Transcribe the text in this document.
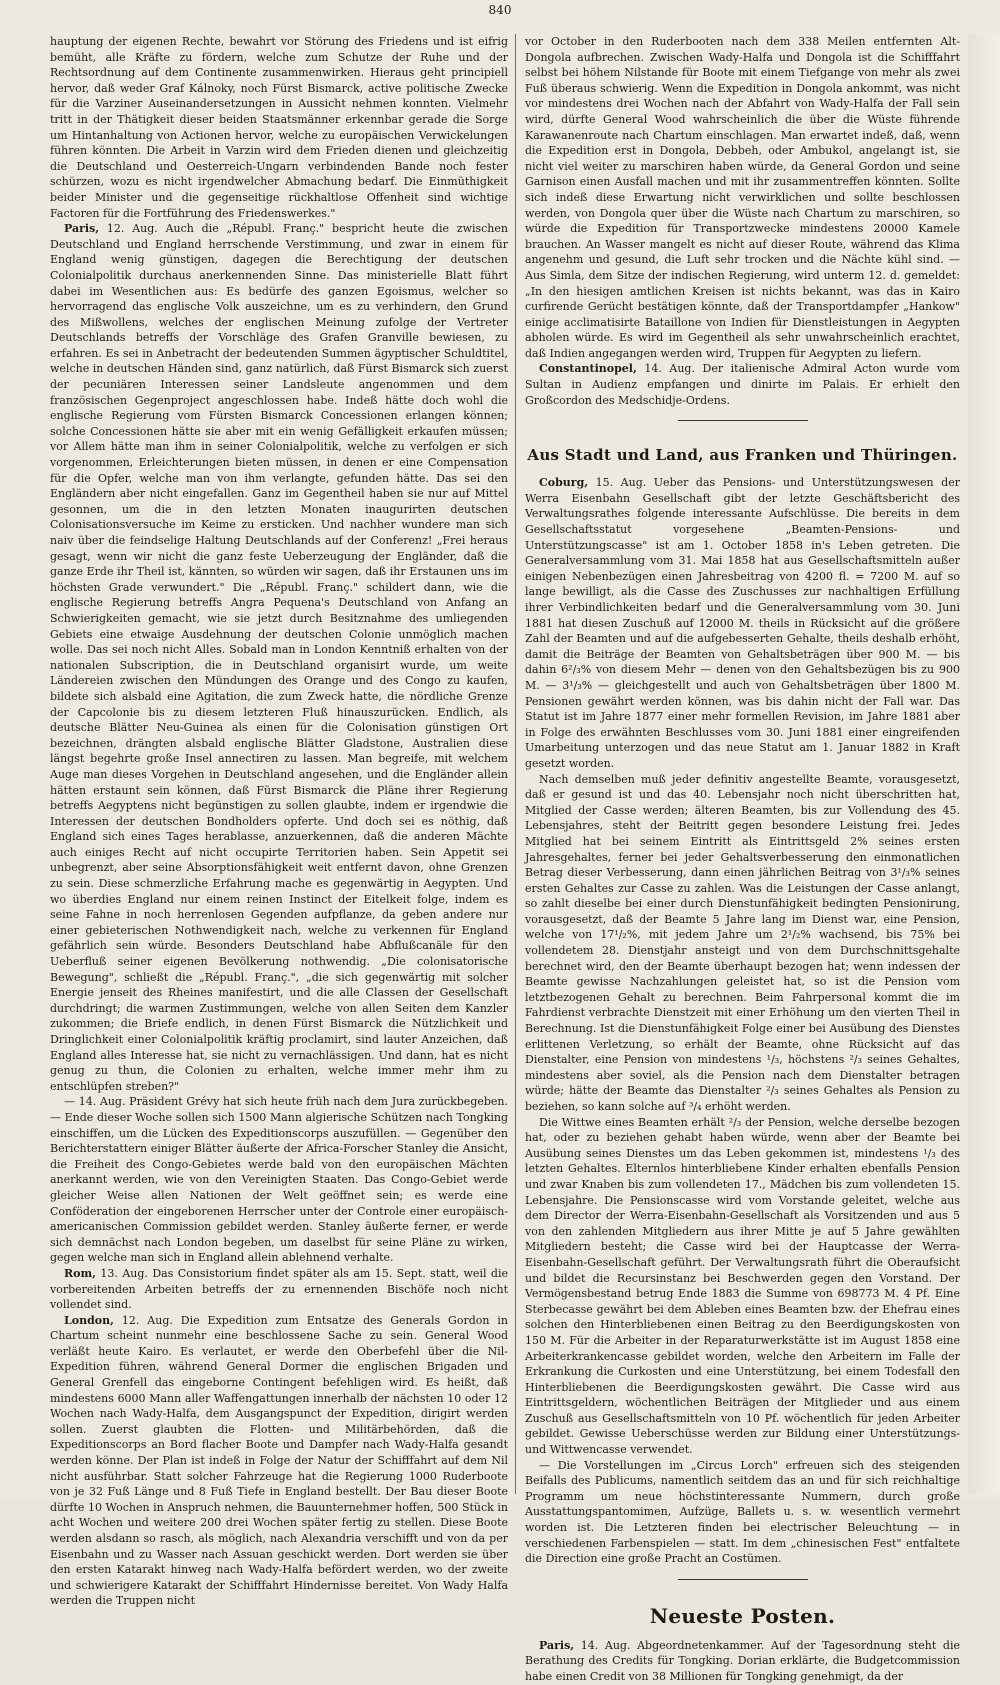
840

hauptung der eigenen Rechte, bewahrt vor Störung des Friedens und ist eifrig bemüht, alle Kräfte zu fördern, welche zum Schutze der Ruhe und der Rechtsordnung auf dem Continente zusammenwirken. Hieraus geht principiell hervor, daß weder Graf Kálnoky, noch Fürst Bismarck, active politische Zwecke für die Varziner Auseinandersetzungen in Aussicht nehmen konnten. Vielmehr tritt in der Thätigkeit dieser beiden Staatsmänner erkennbar gerade die Sorge um Hintanhaltung von Actionen hervor, welche zu europäischen Verwickelungen führen könnten. Die Arbeit in Varzin wird dem Frieden dienen und gleichzeitig die Deutschland und Oesterreich-Ungarn verbindenden Bande noch fester schürzen, wozu es nicht irgendwelcher Abmachung bedarf. Die Einmüthigkeit beider Minister und die gegenseitige rückhaltlose Offenheit sind wichtige Factoren für die Fortführung des Friedenswerkes."

Paris, 12. Aug. Auch die „Républ. Franç." bespricht heute die zwischen Deutschland und England herrschende Verstimmung, und zwar in einem für England wenig günstigen, dagegen die Berechtigung der deutschen Colonialpolitik durchaus anerkennenden Sinne. Das ministerielle Blatt führt dabei im Wesentlichen aus: Es bedürfe des ganzen Egoismus, welcher so hervorragend das englische Volk auszeichne, um es zu verhindern, den Grund des Mißwollens, welches der englischen Meinung zufolge der Vertreter Deutschlands betreffs der Vorschläge des Grafen Granville bewiesen, zu erfahren. Es sei in Anbetracht der bedeutenden Summen ägyptischer Schuldtitel, welche in deutschen Händen sind, ganz natürlich, daß Fürst Bismarck sich zuerst der pecuniären Interessen seiner Landsleute angenommen und dem französischen Gegenproject angeschlossen habe. Indeß hätte doch wohl die englische Regierung vom Fürsten Bismarck Concessionen erlangen können; solche Concessionen hätte sie aber mit ein wenig Gefälligkeit erkaufen müssen; vor Allem hätte man ihm in seiner Colonialpolitik, welche zu verfolgen er sich vorgenommen, Erleichterungen bieten müssen, in denen er eine Compensation für die Opfer, welche man von ihm verlangte, gefunden hätte. Das sei den Engländern aber nicht eingefallen. Ganz im Gegentheil haben sie nur auf Mittel gesonnen, um die in den letzten Monaten inaugurirten deutschen Colonisationsversuche im Keime zu ersticken. Und nachher wundere man sich naiv über die feindselige Haltung Deutschlands auf der Conferenz! „Frei heraus gesagt, wenn wir nicht die ganz feste Ueberzeugung der Engländer, daß die ganze Erde ihr Theil ist, kännten, so würden wir sagen, daß ihr Erstaunen uns im höchsten Grade verwundert." Die „Républ. Franç." schildert dann, wie die englische Regierung betreffs Angra Pequena's Deutschland von Anfang an Schwierigkeiten gemacht, wie sie jetzt durch Besitznahme des umliegenden Gebiets eine etwaige Ausdehnung der deutschen Colonie unmöglich machen wolle. Das sei noch nicht Alles. Sobald man in London Kenntniß erhalten von der nationalen Subscription, die in Deutschland organisirt wurde, um weite Ländereien zwischen den Mündungen des Orange und des Congo zu kaufen, bildete sich alsbald eine Agitation, die zum Zweck hatte, die nördliche Grenze der Capcolonie bis zu diesem letzteren Fluß hinauszurücken. Endlich, als deutsche Blätter Neu-Guinea als einen für die Colonisation günstigen Ort bezeichnen, drängten alsbald englische Blätter Gladstone, Australien diese längst begehrte große Insel annectiren zu lassen. Man begreife, mit welchem Auge man dieses Vorgehen in Deutschland angesehen, und die Engländer allein hätten erstaunt sein können, daß Fürst Bismarck die Pläne ihrer Regierung betreffs Aegyptens nicht begünstigen zu sollen glaubte, indem er irgendwie die Interessen der deutschen Bondholders opferte. Und doch sei es nöthig, daß England sich eines Tages herablasse, anzuerkennen, daß die anderen Mächte auch einiges Recht auf nicht occupirte Territorien haben. Sein Appetit sei unbegrenzt, aber seine Absorptionsfähigkeit weit entfernt davon, ohne Grenzen zu sein. Diese schmerzliche Erfahrung mache es gegenwärtig in Aegypten. Und wo überdies England nur einem reinen Instinct der Eitelkeit folge, indem es seine Fahne in noch herrenlosen Gegenden aufpflanze, da geben andere nur einer gebieterischen Nothwendigkeit nach, welche zu verkennen für England gefährlich sein würde. Besonders Deutschland habe Abflußcanäle für den Ueberfluß seiner eigenen Bevölkerung nothwendig. „Die colonisatorische Bewegung", schließt die „Républ. Franç.", „die sich gegenwärtig mit solcher Energie jenseit des Rheines manifestirt, und die alle Classen der Gesellschaft durchdringt; die warmen Zustimmungen, welche von allen Seiten dem Kanzler zukommen; die Briefe endlich, in denen Fürst Bismarck die Nützlichkeit und Dringlichkeit einer Colonialpolitik kräftig proclamirt, sind lauter Anzeichen, daß England alles Interesse hat, sie nicht zu vernachlässigen. Und dann, hat es nicht genug zu thun, die Colonien zu erhalten, welche immer mehr ihm zu entschlüpfen streben?"

— 14. Aug. Präsident Grévy hat sich heute früh nach dem Jura zurückbegeben. — Ende dieser Woche sollen sich 1500 Mann algierische Schützen nach Tongking einschiffen, um die Lücken des Expeditionscorps auszufüllen. — Gegenüber den Berichterstattern einiger Blätter äußerte der Africa-Forscher Stanley die Ansicht, die Freiheit des Congo-Gebietes werde bald von den europäischen Mächten anerkannt werden, wie von den Vereinigten Staaten. Das Congo-Gebiet werde gleicher Weise allen Nationen der Welt geöffnet sein; es werde eine Conföderation der eingeborenen Herrscher unter der Controle einer europäisch-americanischen Commission gebildet werden. Stanley äußerte ferner, er werde sich demnächst nach London begeben, um daselbst für seine Pläne zu wirken, gegen welche man sich in England allein ablehnend verhalte.

Rom, 13. Aug. Das Consistorium findet später als am 15. Sept. statt, weil die vorbereitenden Arbeiten betreffs der zu ernennenden Bischöfe noch nicht vollendet sind.

London, 12. Aug. Die Expedition zum Entsatze des Generals Gordon in Chartum scheint nunmehr eine beschlossene Sache zu sein. General Wood verläßt heute Kairo. Es verlautet, er werde den Oberbefehl über die Nil-Expedition führen, während General Dormer die englischen Brigaden und General Grenfell das eingeborne Contingent befehligen wird. Es heißt, daß mindestens 6000 Mann aller Waffengattungen innerhalb der nächsten 10 oder 12 Wochen nach Wady-Halfa, dem Ausgangspunct der Expedition, dirigirt werden sollen. Zuerst glaubten die Flotten- und Militärbehörden, daß die Expeditionscorps an Bord flacher Boote und Dampfer nach Wady-Halfa gesandt werden könne. Der Plan ist indeß in Folge der Natur der Schifffahrt auf dem Nil nicht ausführbar. Statt solcher Fahrzeuge hat die Regierung 1000 Ruderboote von je 32 Fuß Länge und 8 Fuß Tiefe in England bestellt. Der Bau dieser Boote dürfte 10 Wochen in Anspruch nehmen, die Bauunternehmer hoffen, 500 Stück in acht Wochen und weitere 200 drei Wochen später fertig zu stellen. Diese Boote werden alsdann so rasch, als möglich, nach Alexandria verschifft und von da per Eisenbahn und zu Wasser nach Assuan geschickt werden. Dort werden sie über den ersten Katarakt hinweg nach Wady-Halfa befördert werden, wo der zweite und schwierigere Katarakt der Schifffahrt Hindernisse bereitet. Von Wady Halfa werden die Truppen nicht

vor October in den Ruderbooten nach dem 338 Meilen entfernten Alt-Dongola aufbrechen. Zwischen Wady-Halfa und Dongola ist die Schifffahrt selbst bei höhem Nilstande für Boote mit einem Tiefgange von mehr als zwei Fuß überaus schwierig. Wenn die Expedition in Dongola ankommt, was nicht vor mindestens drei Wochen nach der Abfahrt von Wady-Halfa der Fall sein wird, dürfte General Wood wahrscheinlich die über die Wüste führende Karawanenroute nach Chartum einschlagen. Man erwartet indeß, daß, wenn die Expedition erst in Dongola, Debbeh, oder Ambukol, angelangt ist, sie nicht viel weiter zu marschiren haben würde, da General Gordon und seine Garnison einen Ausfall machen und mit ihr zusammentreffen könnten. Sollte sich indeß diese Erwartung nicht verwirklichen und sollte beschlossen werden, von Dongola quer über die Wüste nach Chartum zu marschiren, so würde die Expedition für Transportzwecke mindestens 20000 Kamele brauchen. An Wasser mangelt es nicht auf dieser Route, während das Klima angenehm und gesund, die Luft sehr trocken und die Nächte kühl sind. — Aus Simla, dem Sitze der indischen Regierung, wird unterm 12. d. gemeldet: „In den hiesigen amtlichen Kreisen ist nichts bekannt, was das in Kairo curfirende Gerücht bestätigen könnte, daß der Transportdampfer „Hankow" einige acclimatisirte Bataillone von Indien für Dienstleistungen in Aegypten abholen würde. Es wird im Gegentheil als sehr unwahrscheinlich erachtet, daß Indien angegangen werden wird, Truppen für Aegypten zu liefern.

Constantinopel, 14. Aug. Der italienische Admiral Acton wurde vom Sultan in Audienz empfangen und dinirte im Palais. Er erhielt den Großcordon des Medschidje-Ordens.

Aus Stadt und Land, aus Franken und Thüringen.

Coburg, 15. Aug. Ueber das Pensions- und Unterstützungswesen der Werra Eisenbahn Gesellschaft gibt der letzte Geschäftsbericht des Verwaltungsrathes folgende interessante Aufschlüsse. Die bereits in dem Gesellschaftsstatut vorgesehene „Beamten-Pensions- und Unterstützungscasse" ist am 1. October 1858 in's Leben getreten. Die Generalversammlung vom 31. Mai 1858 hat aus Gesellschaftsmitteln außer einigen Nebenbezügen einen Jahresbeitrag von 4200 fl. = 7200 M. auf so lange bewilligt, als die Casse des Zuschusses zur nachhaltigen Erfüllung ihrer Verbindlichkeiten bedarf und die Generalversammlung vom 30. Juni 1881 hat diesen Zuschuß auf 12000 M. theils in Rücksicht auf die größere Zahl der Beamten und auf die aufgebesserten Gehalte, theils deshalb erhöht, damit die Beiträge der Beamten von Gehaltsbeträgen über 900 M. — bis dahin 6²/₃% von diesem Mehr — denen von den Gehaltsbezügen bis zu 900 M. — 3¹/₃% — gleichgestellt und auch von Gehaltsbeträgen über 1800 M. Pensionen gewährt werden können, was bis dahin nicht der Fall war. Das Statut ist im Jahre 1877 einer mehr formellen Revision, im Jahre 1881 aber in Folge des erwähnten Beschlusses vom 30. Juni 1881 einer eingreifenden Umarbeitung unterzogen und das neue Statut am 1. Januar 1882 in Kraft gesetzt worden.

Nach demselben muß jeder definitiv angestellte Beamte, vorausgesetzt, daß er gesund ist und das 40. Lebensjahr noch nicht überschritten hat, Mitglied der Casse werden; älteren Beamten, bis zur Vollendung des 45. Lebensjahres, steht der Beitritt gegen besondere Leistung frei. Jedes Mitglied hat bei seinem Eintritt als Eintrittsgeld 2% seines ersten Jahresgehaltes, ferner bei jeder Gehaltsverbesserung den einmonatlichen Betrag dieser Verbesserung, dann einen jährlichen Beitrag von 3¹/₃% seines ersten Gehaltes zur Casse zu zahlen. Was die Leistungen der Casse anlangt, so zahlt dieselbe bei einer durch Dienstunfähigkeit bedingten Pensionirung, vorausgesetzt, daß der Beamte 5 Jahre lang im Dienst war, eine Pension, welche von 17¹/₂%, mit jedem Jahre um 2¹/₂% wachsend, bis 75% bei vollendetem 28. Dienstjahr ansteigt und von dem Durchschnittsgehalte berechnet wird, den der Beamte überhaupt bezogen hat; wenn indessen der Beamte gewisse Nachzahlungen geleistet hat, so ist die Pension vom letztbezogenen Gehalt zu berechnen. Beim Fahrpersonal kommt die im Fahrdienst verbrachte Dienstzeit mit einer Erhöhung um den vierten Theil in Berechnung. Ist die Dienstunfähigkeit Folge einer bei Ausübung des Dienstes erlittenen Verletzung, so erhält der Beamte, ohne Rücksicht auf das Dienstalter, eine Pension von mindestens ¹/₃, höchstens ²/₃ seines Gehaltes, mindestens aber soviel, als die Pension nach dem Dienstalter betragen würde; hätte der Beamte das Dienstalter ²/₃ seines Gehaltes als Pension zu beziehen, so kann solche auf ³/₄ erhöht werden.

Die Wittwe eines Beamten erhält ²/₃ der Pension, welche derselbe bezogen hat, oder zu beziehen gehabt haben würde, wenn aber der Beamte bei Ausübung seines Dienstes um das Leben gekommen ist, mindestens ¹/₃ des letzten Gehaltes. Elternlos hinterbliebene Kinder erhalten ebenfalls Pension und zwar Knaben bis zum vollendeten 17., Mädchen bis zum vollendeten 15. Lebensjahre. Die Pensionscasse wird vom Vorstande geleitet, welche aus dem Director der Werra-Eisenbahn-Gesellschaft als Vorsitzenden und aus 5 von den zahlenden Mitgliedern aus ihrer Mitte je auf 5 Jahre gewählten Mitgliedern besteht; die Casse wird bei der Hauptcasse der Werra-Eisenbahn-Gesellschaft geführt. Der Verwaltungsrath führt die Oberaufsicht und bildet die Recursinstanz bei Beschwerden gegen den Vorstand. Der Vermögensbestand betrug Ende 1883 die Summe von 698773 M. 4 Pf. Eine Sterbecasse gewährt bei dem Ableben eines Beamten bzw. der Ehefrau eines solchen den Hinterbliebenen einen Beitrag zu den Beerdigungskosten von 150 M. Für die Arbeiter in der Reparaturwerkstätte ist im August 1858 eine Arbeiterkrankencasse gebildet worden, welche den Arbeitern im Falle der Erkrankung die Curkosten und eine Unterstützung, bei einem Todesfall den Hinterbliebenen die Beerdigungskosten gewährt. Die Casse wird aus Eintrittsgeldern, wöchentlichen Beiträgen der Mitglieder und aus einem Zuschuß aus Gesellschaftsmitteln von 10 Pf. wöchentlich für jeden Arbeiter gebildet. Gewisse Ueberschüsse werden zur Bildung einer Unterstützungs- und Wittwencasse verwendet.

— Die Vorstellungen im „Circus Lorch" erfreuen sich des steigenden Beifalls des Publicums, namentlich seitdem das an und für sich reichhaltige Programm um neue höchstinteressante Nummern, durch große Ausstattungspantomimen, Aufzüge, Ballets u. s. w. wesentlich vermehrt worden ist. Die Letzteren finden bei electrischer Beleuchtung — in verschiedenen Farbenspielen — statt. Im dem „chinesischen Fest" entfaltete die Direction eine große Pracht an Costümen.

Neueste Posten.

Paris, 14. Aug. Abgeordnetenkammer. Auf der Tagesordnung steht die Berathung des Credits für Tongking. Dorian erklärte, die Budgetcommission habe einen Credit von 38 Millionen für Tongking genehmigt, da der
